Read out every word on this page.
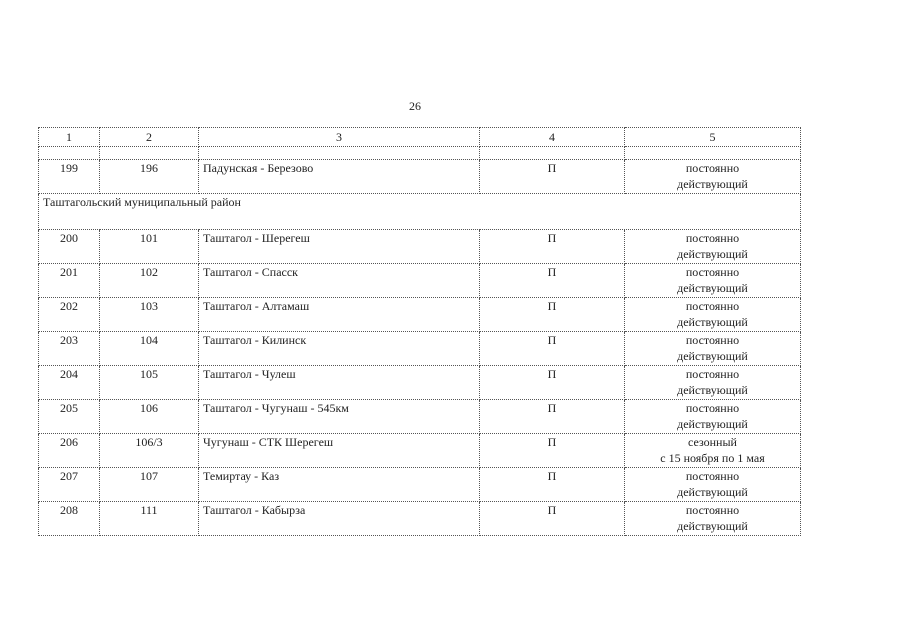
26
1	2	3	4	5

199	196	Падунская - Березово	П	постоянно
действующий

Таштагольский муниципальный район				
200	101	Таштагол - Шерегеш	П	постоянно
действующий

201	102	Таштагол - Спасск	П	постоянно
действующий

202	103	Таштагол - Алтамаш	П	постоянно
действующий

203	104	Таштагол - Килинск	П	постоянно
действующий

204	105	Таштагол - Чулеш	П	постоянно
действующий

205	106	Таштагол - Чугунаш - 545км	П	постоянно
действующий

206	106/3	Чугунаш - СТК Шерегеш	П	сезонный
с 15 ноября по 1 мая

207	107	Темиртау - Каз	П	постоянно
действующий

208	111	Таштагол - Кабырза	П	постоянно
действующий
